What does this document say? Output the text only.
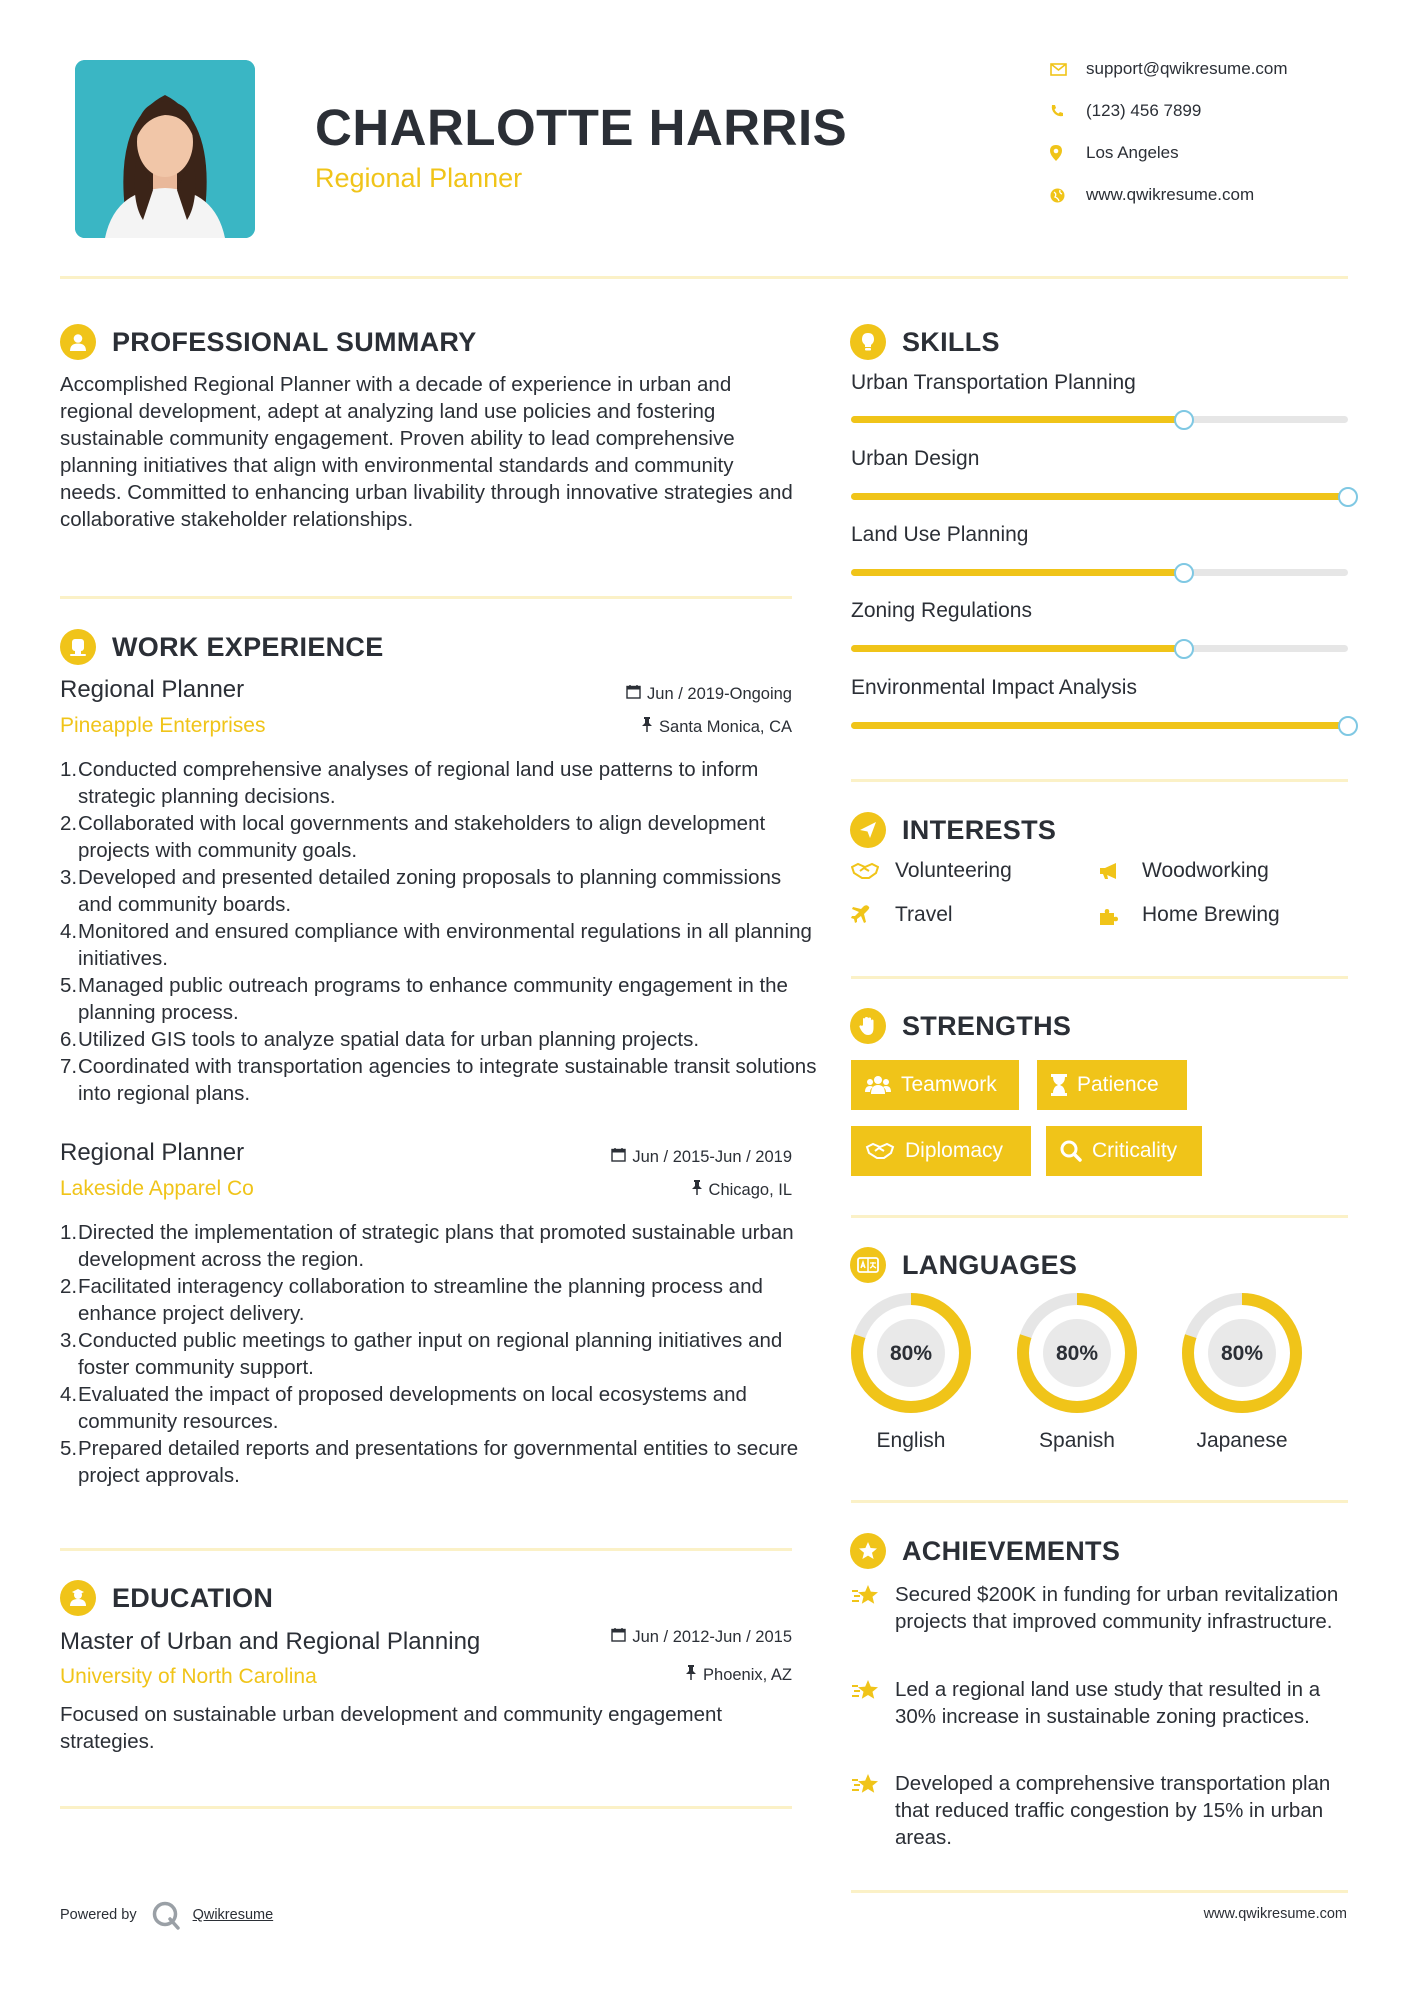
CHARLOTTE HARRIS
Regional Planner
support@qwikresume.com
(123) 456 7899
Los Angeles
www.qwikresume.com
PROFESSIONAL SUMMARY
Accomplished Regional Planner with a decade of experience in urban and regional development, adept at analyzing land use policies and fostering sustainable community engagement. Proven ability to lead comprehensive planning initiatives that align with environmental standards and community needs. Committed to enhancing urban livability through innovative strategies and collaborative stakeholder relationships.
WORK EXPERIENCE
Regional Planner	Jun / 2019-Ongoing
Pineapple Enterprises	Santa Monica, CA
Conducted comprehensive analyses of regional land use patterns to inform strategic planning decisions.
Collaborated with local governments and stakeholders to align development projects with community goals.
Developed and presented detailed zoning proposals to planning commissions and community boards.
Monitored and ensured compliance with environmental regulations in all planning initiatives.
Managed public outreach programs to enhance community engagement in the planning process.
Utilized GIS tools to analyze spatial data for urban planning projects.
Coordinated with transportation agencies to integrate sustainable transit solutions into regional plans.
Regional Planner	Jun / 2015-Jun / 2019
Lakeside Apparel Co	Chicago, IL
Directed the implementation of strategic plans that promoted sustainable urban development across the region.
Facilitated interagency collaboration to streamline the planning process and enhance project delivery.
Conducted public meetings to gather input on regional planning initiatives and foster community support.
Evaluated the impact of proposed developments on local ecosystems and community resources.
Prepared detailed reports and presentations for governmental entities to secure project approvals.
EDUCATION
Master of Urban and Regional Planning	Jun / 2012-Jun / 2015
University of North Carolina	Phoenix, AZ
Focused on sustainable urban development and community engagement strategies.
SKILLS
Urban Transportation Planning
Urban Design
Land Use Planning
Zoning Regulations
Environmental Impact Analysis
INTERESTS
Volunteering	Woodworking
Travel	Home Brewing
STRENGTHS
Teamwork	Patience
Diplomacy	Criticality
LANGUAGES
80%
English
80%
Spanish
80%
Japanese
ACHIEVEMENTS
Secured $200K in funding for urban revitalization projects that improved community infrastructure.
Led a regional land use study that resulted in a 30% increase in sustainable zoning practices.
Developed a comprehensive transportation plan that reduced traffic congestion by 15% in urban areas.
Powered by	Qwikresume	www.qwikresume.com
